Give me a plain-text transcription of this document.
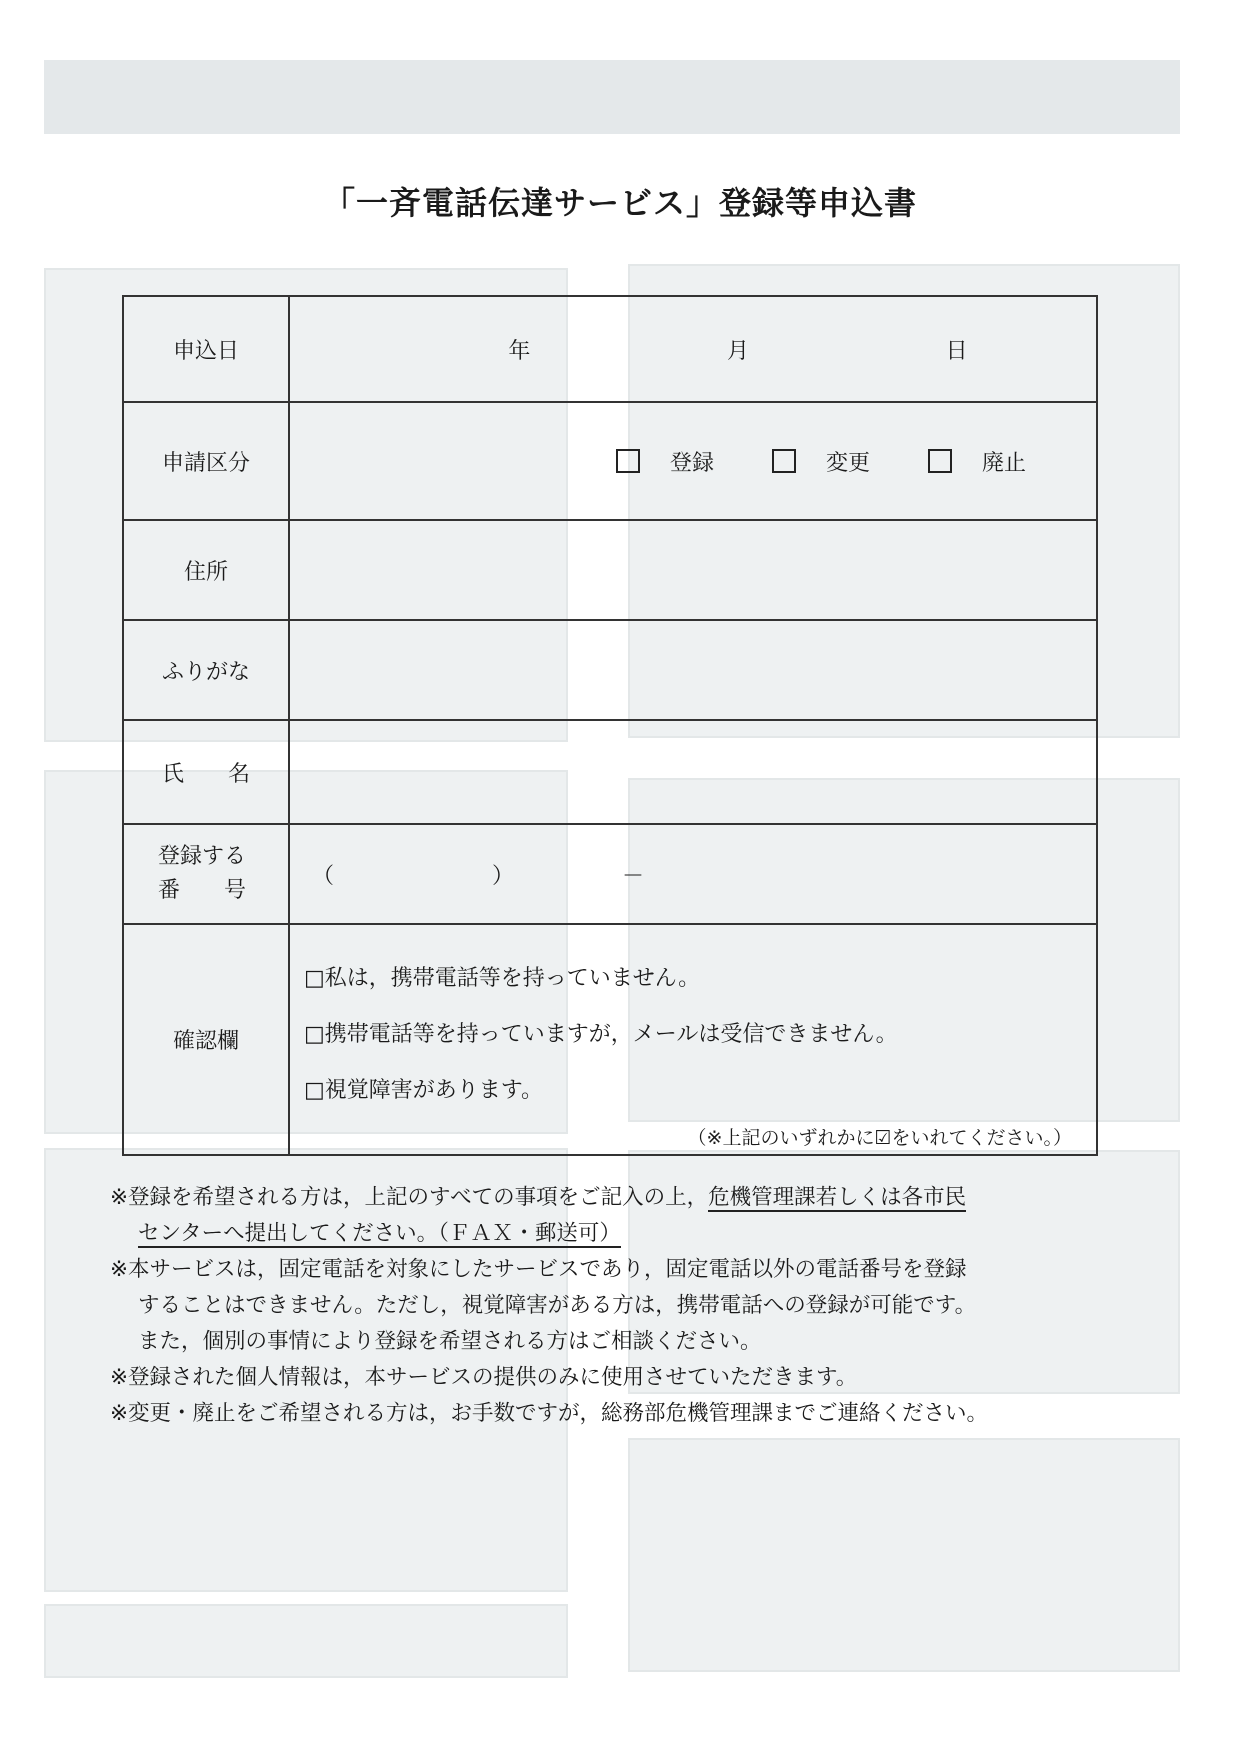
「一斉電話伝達サービス」登録等申込書
申込日	年 月 日

申請区分	登録 変更 廃止

住所	
ふりがな	
氏　　名	

登録する
番　　号	（ ） －

確認欄	□私は，携帯電話等を持っていません。
□携帯電話等を持っていますが，メールは受信できません。
□視覚障害があります。
（※上記のいずれかに☑をいれてください。）

※登録を希望される方は，上記のすべての事項をご記入の上，危機管理課若しくは各市民

センターへ提出してください。（ＦＡＸ・郵送可）

※本サービスは，固定電話を対象にしたサービスであり，固定電話以外の電話番号を登録

することはできません。ただし，視覚障害がある方は，携帯電話への登録が可能です。

また，個別の事情により登録を希望される方はご相談ください。

※登録された個人情報は，本サービスの提供のみに使用させていただきます。

※変更・廃止をご希望される方は，お手数ですが，総務部危機管理課までご連絡ください。
